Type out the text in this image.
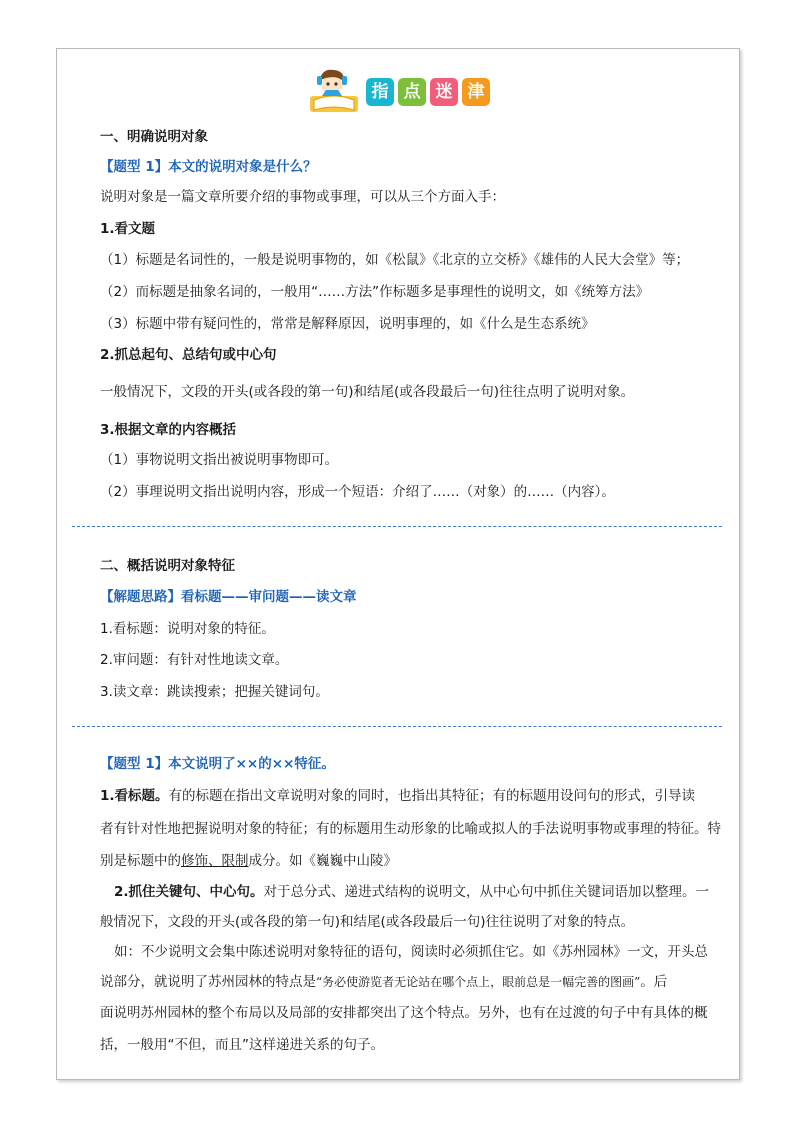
指 点 迷 津
一、明确说明对象
【题型 1】本文的说明对象是什么？
说明对象是一篇文章所要介绍的事物或事理，可以从三个方面入手：
1.看文题
（1）标题是名词性的，一般是说明事物的，如《松鼠》《北京的立交桥》《雄伟的人民大会堂》等；
（2）而标题是抽象名词的，一般用“……方法”作标题多是事理性的说明文，如《统筹方法》
（3）标题中带有疑问性的，常常是解释原因，说明事理的，如《什么是生态系统》
2.抓总起句、总结句或中心句
一般情况下，文段的开头(或各段的第一句)和结尾(或各段最后一句)往往点明了说明对象。
3.根据文章的内容概括
（1）事物说明文指出被说明事物即可。
（2）事理说明文指出说明内容，形成一个短语：介绍了……（对象）的……（内容）。
二、概括说明对象特征
【解题思路】看标题——审问题——读文章
1.看标题：说明对象的特征。
2.审问题：有针对性地读文章。
3.读文章：跳读搜索；把握关键词句。
【题型 1】本文说明了××的××特征。
1.看标题。有的标题在指出文章说明对象的同时，也指出其特征；有的标题用设问句的形式，引导读
者有针对性地把握说明对象的特征；有的标题用生动形象的比喻或拟人的手法说明事物或事理的特征。特
别是标题中的修饰、限制成分。如《巍巍中山陵》
2.抓住关键句、中心句。对于总分式、递进式结构的说明文，从中心句中抓住关键词语加以整理。一
般情况下，文段的开头(或各段的第一句)和结尾(或各段最后一句)往往说明了对象的特点。
如：不少说明文会集中陈述说明对象特征的语句，阅读时必须抓住它。如《苏州园林》一文，开头总
说部分，就说明了苏州园林的特点是“务必使游览者无论站在哪个点上，眼前总是一幅完善的图画”。后
面说明苏州园林的整个布局以及局部的安排都突出了这个特点。另外，也有在过渡的句子中有具体的概
括，一般用“不但，而且”这样递进关系的句子。
